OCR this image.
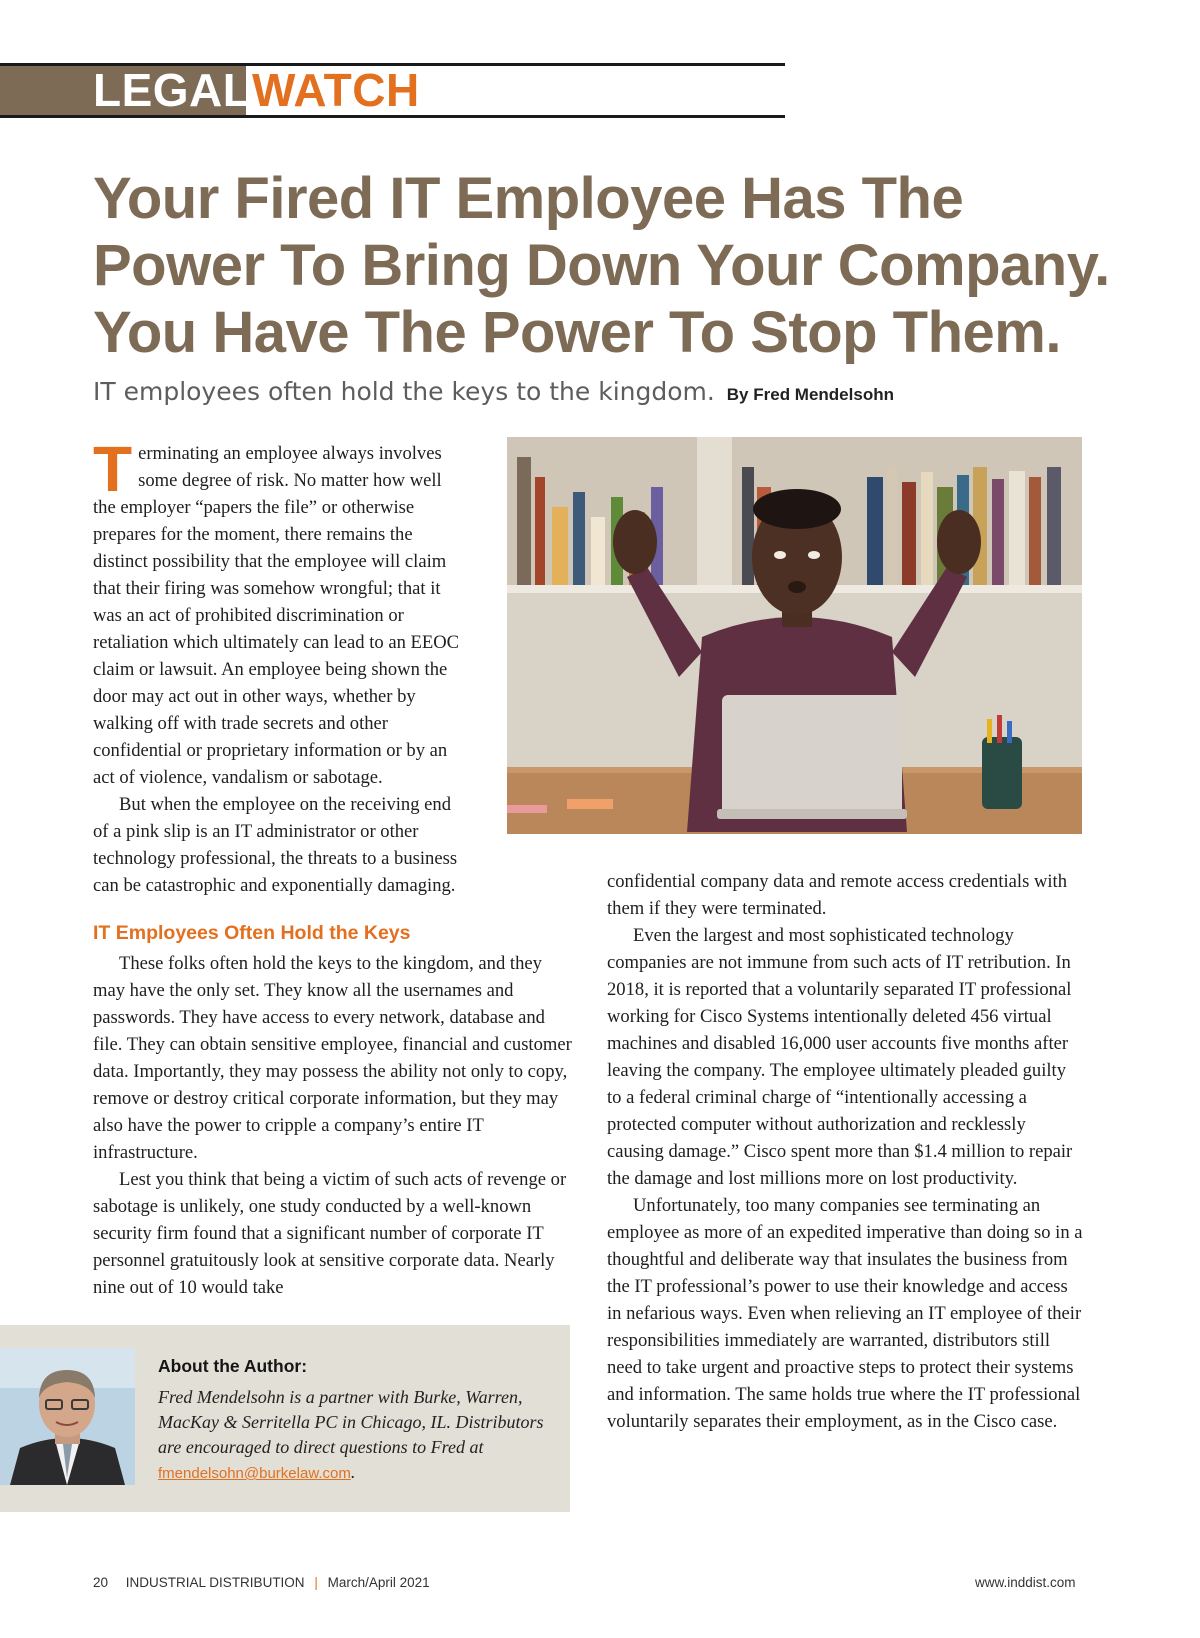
LEGAL WATCH
Your Fired IT Employee Has The
Power To Bring Down Your Company.
You Have The Power To Stop Them.
IT employees often hold the keys to the kingdom. By Fred Mendelsohn
T erminating an employee always involves some degree of risk. No matter how well the employer “papers the file” or otherwise prepares for the moment, there remains the distinct possibility that the employee will claim that their firing was somehow wrongful; that it was an act of prohibited discrimination or retaliation which ultimately can lead to an EEOC claim or lawsuit. An employee being shown the door may act out in other ways, whether by walking off with trade secrets and other confidential or proprietary information or by an act of violence, vandalism or sabotage.

But when the employee on the receiving end of a pink slip is an IT administrator or other technology professional, the threats to a business can be catastrophic and exponentially damaging.

IT Employees Often Hold the Keys

These folks often hold the keys to the kingdom, and they may have the only set. They know all the usernames and passwords. They have access to every network, database and file. They can obtain sensitive employee, financial and customer data. Importantly, they may possess the ability not only to copy, remove or destroy critical corporate information, but they may also have the power to cripple a company’s entire IT infrastructure.

Lest you think that being a victim of such acts of revenge or sabotage is unlikely, one study conducted by a well-known security firm found that a significant number of corporate IT personnel gratuitously look at sensitive corporate data. Nearly nine out of 10 would take

confidential company data and remote access credentials with them if they were terminated.

Even the largest and most sophisticated technology companies are not immune from such acts of IT retribution. In 2018, it is reported that a voluntarily separated IT professional working for Cisco Systems intentionally deleted 456 virtual machines and disabled 16,000 user accounts five months after leaving the company. The employee ultimately pleaded guilty to a federal criminal charge of “intentionally accessing a protected computer without authorization and recklessly causing damage.” Cisco spent more than $1.4 million to repair the damage and lost millions more on lost productivity.

Unfortunately, too many companies see terminating an employee as more of an expedited imperative than doing so in a thoughtful and deliberate way that insulates the business from the IT professional’s power to use their knowledge and access in nefarious ways. Even when relieving an IT employee of their responsibilities immediately are warranted, distributors still need to take urgent and proactive steps to protect their systems and information. The same holds true where the IT professional voluntarily separates their employment, as in the Cisco case.

About the Author:

Fred Mendelsohn is a partner with Burke, Warren, MacKay & Serritella PC in Chicago, IL. Distributors are encouraged to direct questions to Fred at fmendelsohn@burkelaw.com.

20 INDUSTRIAL DISTRIBUTION | March/April 2021	www.inddist.com
